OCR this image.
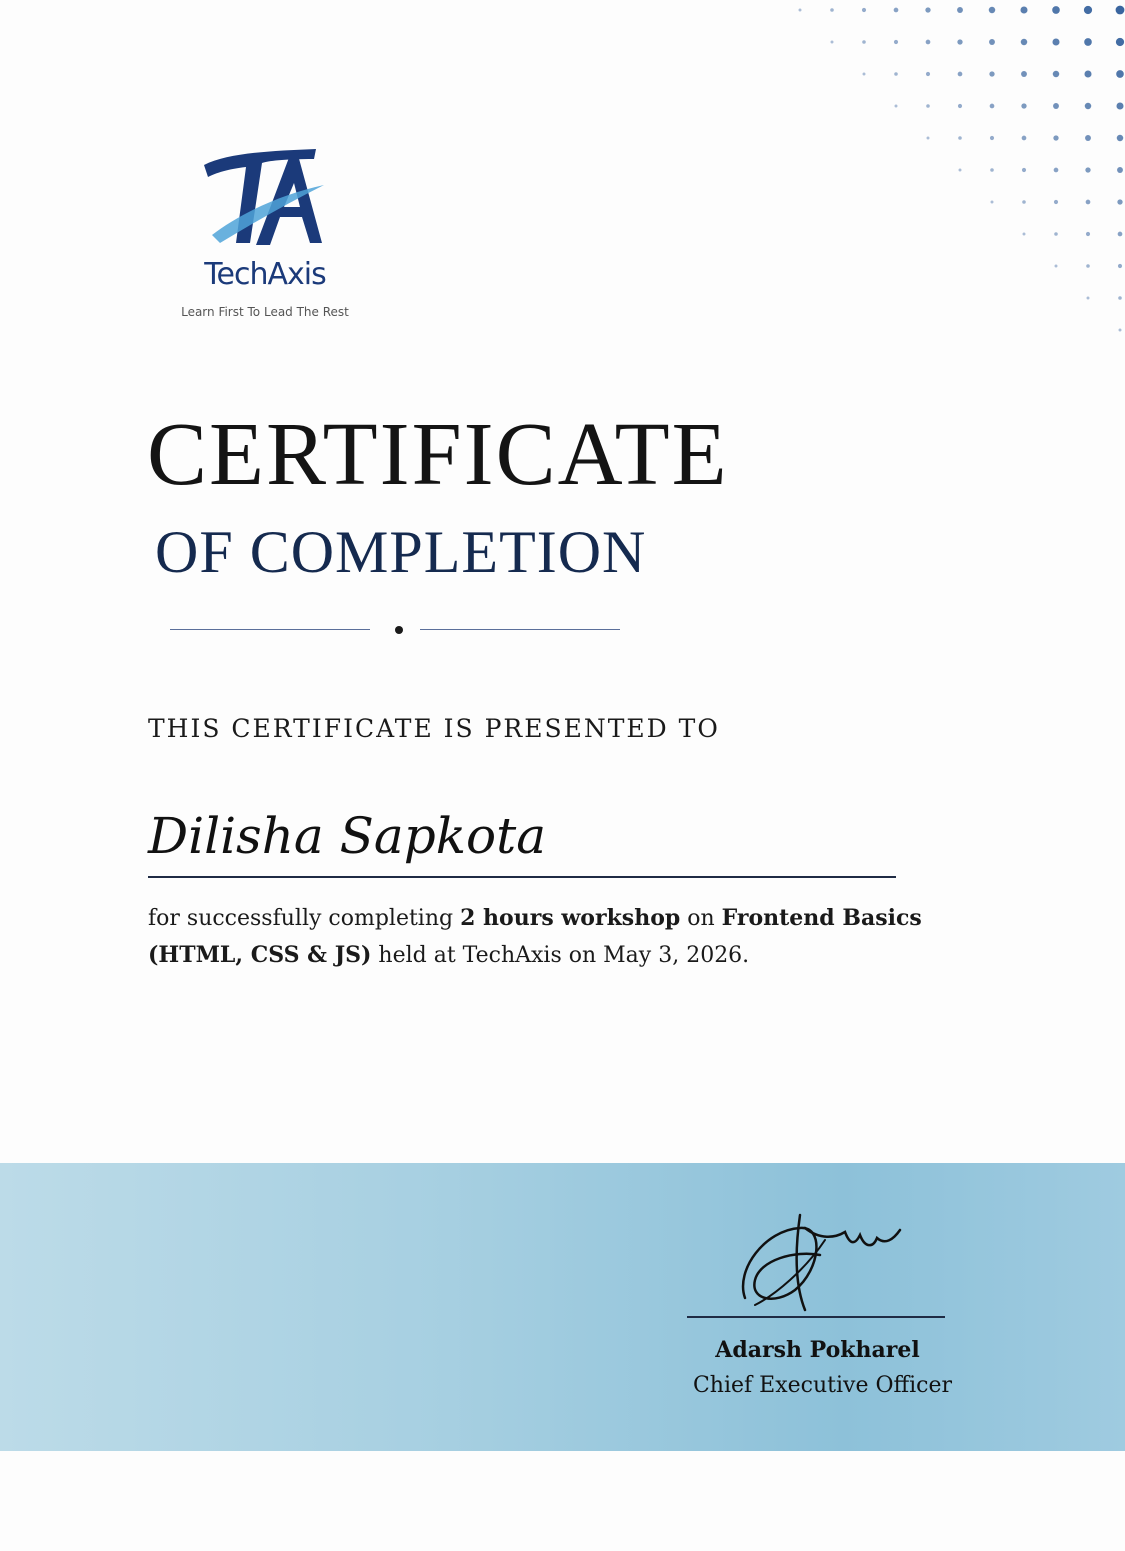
TechAxis
Learn First To Lead The Rest
CERTIFICATE
OF COMPLETION
THIS CERTIFICATE IS PRESENTED TO
Dilisha Sapkota
for successfully completing 2 hours workshop on Frontend Basics (HTML, CSS & JS) held at TechAxis on May 3, 2026.
Adarsh Pokharel
Chief Executive Officer
